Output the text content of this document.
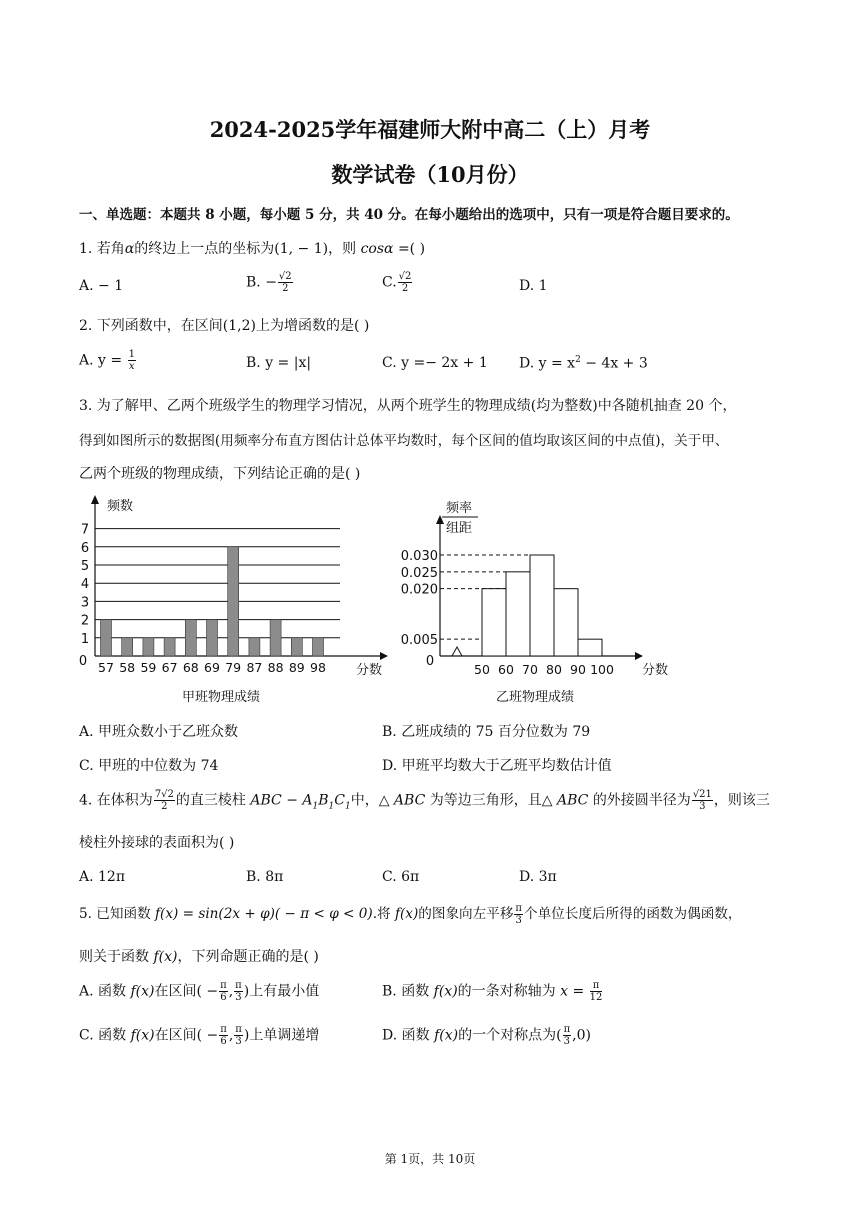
2024-2025学年福建师大附中高二（上）月考
数学试卷（10月份）
一、单选题：本题共 8 小题，每小题 5 分，共 40 分。在每小题给出的选项中，只有一项是符合题目要求的。
1. 若角α的终边上一点的坐标为(1, − 1)，则 cosα =( )
A. − 1	B. − $\frac{√2}{2}$	C. $\frac{√2}{2}$	D. 1
2. 下列函数中，在区间(1,2)上为增函数的是( )
A. $y = \frac{1}{x}$	B. y = |x|	C. y =− 2x + 1 D. $y = x^2 - 4x + 3$
3. 为了解甲、乙两个班级学生的物理学习情况，从两个班学生的物理成绩(均为整数)中各随机抽查 20 个，
得到如图所示的数据图(用频率分布直方图估计总体平均数时，每个区间的值均取该区间的中点值)，关于甲、
乙两个班级的物理成绩，下列结论正确的是( )
1
2
3
4
5
6
7
频数
0
分数
57 58 59 67 68 69 79 87 88 89 98
甲班物理成绩
频率
组距
0
分数
0.005
0.020
0.025
0.030
50 60 70 80 90 100
乙班物理成绩
A. 甲班众数小于乙班众数	B. 乙班成绩的 75 百分位数为 79
C. 甲班的中位数为 74	D. 甲班平均数大于乙班平均数估计值
4. 在体积为 $\frac{7√2}{2}$ 的直三棱柱 ABC − $A_1B_1C_1$中，△ ABC 为等边三角形，且△ ABC 的外接圆半径为 $\frac{√21}{3}$ ，则该三
棱柱外接球的表面积为( )
A. 12π	B. 8π	C. 6π	D. 3π
5. 已知函数 f(x) = sin(2x + φ)( − π < φ < 0).将 f(x)的图象向左平移 $\frac{\pi}{3}$ 个单位长度后所得的函数为偶函数，
则关于函数 f(x)，下列命题正确的是( )
A. 函数 f(x)在区间( − $\frac{\pi}{6}$ , $\frac{\pi}{3}$ )上有最小值	B. 函数 f(x)的一条对称轴为 $x = \frac{\pi}{12}$
C. 函数 f(x)在区间( − $\frac{\pi}{6}$ , $\frac{\pi}{3}$ )上单调递增	D. 函数 f(x)的一个对称点为( $\frac{\pi}{3} ,0$)
第 1页，共 10页
